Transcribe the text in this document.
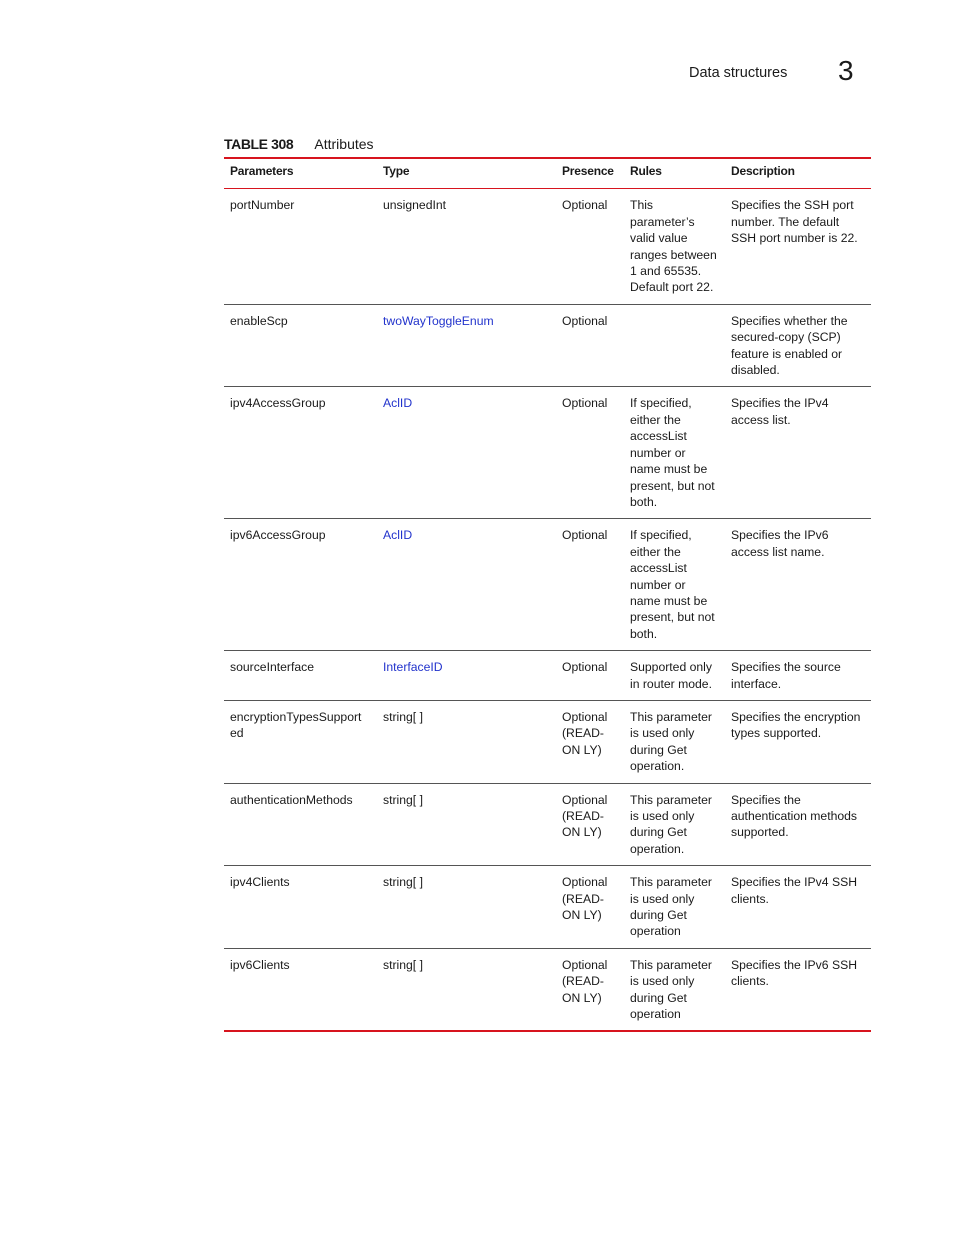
Data structures 3
TABLE 308 Attributes
Parameters	Type	Presence	Rules	Description
portNumber	unsignedInt	Optional	This parameter’s valid value ranges between 1 and 65535. Default port 22.	Specifies the SSH port number. The default SSH port number is 22.
enableScp	twoWayToggleEnum	Optional		Specifies whether the secured-copy (SCP) feature is enabled or disabled.
ipv4AccessGroup	AclID	Optional	If specified, either the accessList number or name must be present, but not both.	Specifies the IPv4 access list.
ipv6AccessGroup	AclID	Optional	If specified, either the accessList number or name must be present, but not both.	Specifies the IPv6 access list name.
sourceInterface	InterfaceID	Optional	Supported only in router mode.	Specifies the source interface.
encryptionTypesSupport ed	string[ ]	Optional (READ-ON LY)	This parameter is used only during Get operation.	Specifies the encryption types supported.
authenticationMethods	string[ ]	Optional (READ-ON LY)	This parameter is used only during Get operation.	Specifies the authentication methods supported.
ipv4Clients	string[ ]	Optional (READ-ON LY)	This parameter is used only during Get operation	Specifies the IPv4 SSH clients.
ipv6Clients	string[ ]	Optional (READ-ON LY)	This parameter is used only during Get operation	Specifies the IPv6 SSH clients.
